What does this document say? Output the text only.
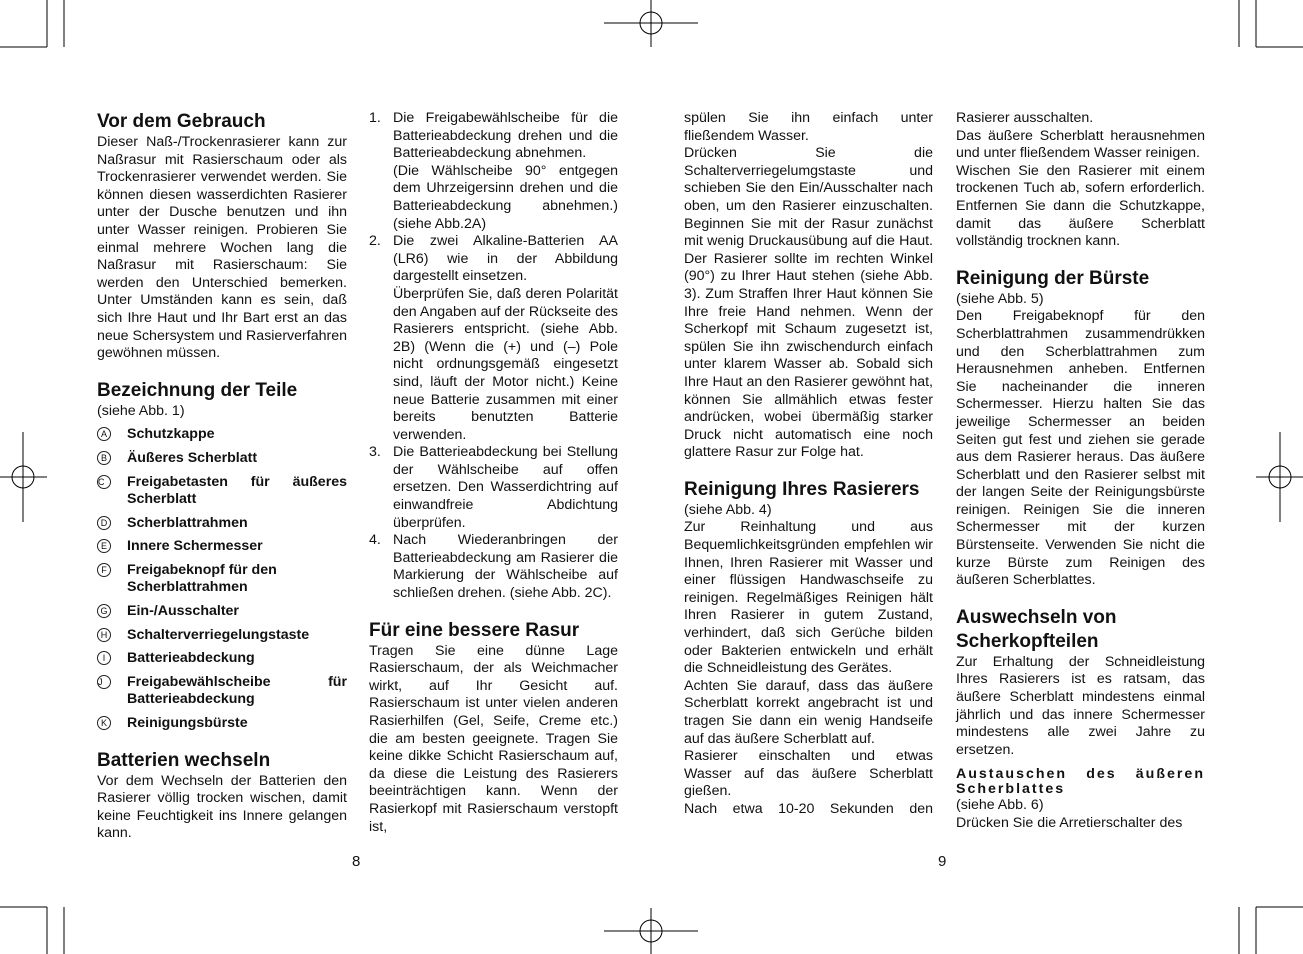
Vor dem Gebrauch

Dieser Naß-/Trockenrasierer kann zur Naßrasur mit Rasierschaum oder als Trockenrasierer verwendet werden. Sie können diesen wasserdichten Rasierer unter der Dusche benutzen und ihn unter Wasser reinigen. Probieren Sie einmal mehrere Wochen lang die Naßrasur mit Rasierschaum: Sie werden den Unterschied bemerken. Unter Umständen kann es sein, daß sich Ihre Haut und Ihr Bart erst an das neue Schersystem und Rasierverfahren gewöhnen müssen.

Bezeichnung der Teile
(siehe Abb. 1)
A Schutzkappe
B Äußeres Scherblatt
C	Freigabetasten für äußeres Scherblatt
D Scherblattrahmen
E Innere Schermesser
F Freigabeknopf für den Scherblattrahmen
G Ein-/Ausschalter
H Schalterverriegelungstaste
I	Batterieabdeckung
J	Freigabewählscheibe für Batterieabdeckung
K Reinigungsbürste
Batterien wechseln

Vor dem Wechseln der Batterien den Rasierer völlig trocken wischen, damit keine Feuchtigkeit ins Innere gelangen kann.

1. Die Freigabewählscheibe für die Batterieabdeckung drehen und die Batterieabdeckung abnehmen.
(Die Wählscheibe 90° entgegen dem Uhrzeigersinn drehen und die Batterieabdeckung abnehmen.) (siehe Abb.2A)
2. Die zwei Alkaline-Batterien AA (LR6) wie in der Abbildung dargestellt einsetzen.
Überprüfen Sie, daß deren Polarität den Angaben auf der Rückseite des Rasierers entspricht. (siehe Abb. 2B) (Wenn die (+) und (–) Pole nicht ordnungsgemäß eingesetzt sind, läuft der Motor nicht.) Keine neue Batterie zusammen mit einer bereits benutzten Batterie verwenden.
3. Die Batterieabdeckung bei Stellung der Wählscheibe auf offen ersetzen. Den Wasserdichtring auf einwandfreie Abdichtung überprüfen.
4. Nach Wiederanbringen der Batterieabdeckung am Rasierer die Markierung der Wählscheibe auf schließen drehen. (siehe Abb. 2C).
Für eine bessere Rasur

Tragen Sie eine dünne Lage Rasierschaum, der als Weichmacher wirkt, auf Ihr Gesicht auf. Rasierschaum ist unter vielen anderen Rasierhilfen (Gel, Seife, Creme etc.) die am besten geeignete. Tragen Sie keine dikke Schicht Rasierschaum auf, da diese die Leistung des Rasierers beeinträchtigen kann. Wenn der Rasierkopf mit Rasierschaum verstopft ist,

8

spülen Sie ihn einfach unter fließendem Wasser.

Drücken Sie die Schalterverriegelumgstaste und schieben Sie den Ein/Ausschalter nach oben, um den Rasierer einzuschalten. Beginnen Sie mit der Rasur zunächst mit wenig Druckausübung auf die Haut. Der Rasierer sollte im rechten Winkel (90°) zu Ihrer Haut stehen (siehe Abb. 3). Zum Straffen Ihrer Haut können Sie Ihre freie Hand nehmen. Wenn der Scherkopf mit Schaum zugesetzt ist, spülen Sie ihn zwischendurch einfach unter klarem Wasser ab. Sobald sich Ihre Haut an den Rasierer gewöhnt hat, können Sie allmählich etwas fester andrücken, wobei übermäßig starker Druck nicht automatisch eine noch glattere Rasur zur Folge hat.

Reinigung Ihres Rasierers
(siehe Abb. 4)

Zur Reinhaltung und aus Bequemlichkeitsgründen empfehlen wir Ihnen, Ihren Rasierer mit Wasser und einer flüssigen Handwaschseife zu reinigen. Regelmäßiges Reinigen hält Ihren Rasierer in gutem Zustand, verhindert, daß sich Gerüche bilden oder Bakterien entwickeln und erhält die Schneidleistung des Gerätes.

Achten Sie darauf, dass das äußere Scherblatt korrekt angebracht ist und tragen Sie dann ein wenig Handseife auf das äußere Scherblatt auf.

Rasierer einschalten und etwas Wasser auf das äußere Scherblatt gießen.

Nach etwa 10-20 Sekunden den

9

Rasierer ausschalten.

Das äußere Scherblatt herausnehmen und unter fließendem Wasser reinigen.

Wischen Sie den Rasierer mit einem trockenen Tuch ab, sofern erforderlich. Entfernen Sie dann die Schutzkappe, damit das äußere Scherblatt vollständig trocknen kann.

Reinigung der Bürste
(siehe Abb. 5)

Den Freigabeknopf für den Scherblattrahmen zusammendrükken und den Scherblattrahmen zum Herausnehmen anheben. Entfernen Sie nacheinander die inneren Schermesser. Hierzu halten Sie das jeweilige Schermesser an beiden Seiten gut fest und ziehen sie gerade aus dem Rasierer heraus. Das äußere Scherblatt und den Rasierer selbst mit der langen Seite der Reinigungsbürste reinigen. Reinigen Sie die inneren Schermesser mit der kurzen Bürstenseite. Verwenden Sie nicht die kurze Bürste zum Reinigen des äußeren Scherblattes.

Auswechseln von
Scherkopfteilen

Zur Erhaltung der Schneidleistung Ihres Rasierers ist es ratsam, das äußere Scherblatt mindestens einmal jährlich und das innere Schermesser mindestens alle zwei Jahre zu ersetzen.

Austauschen des äußeren Scherblattes
(siehe Abb. 6)

Drücken Sie die Arretierschalter des
